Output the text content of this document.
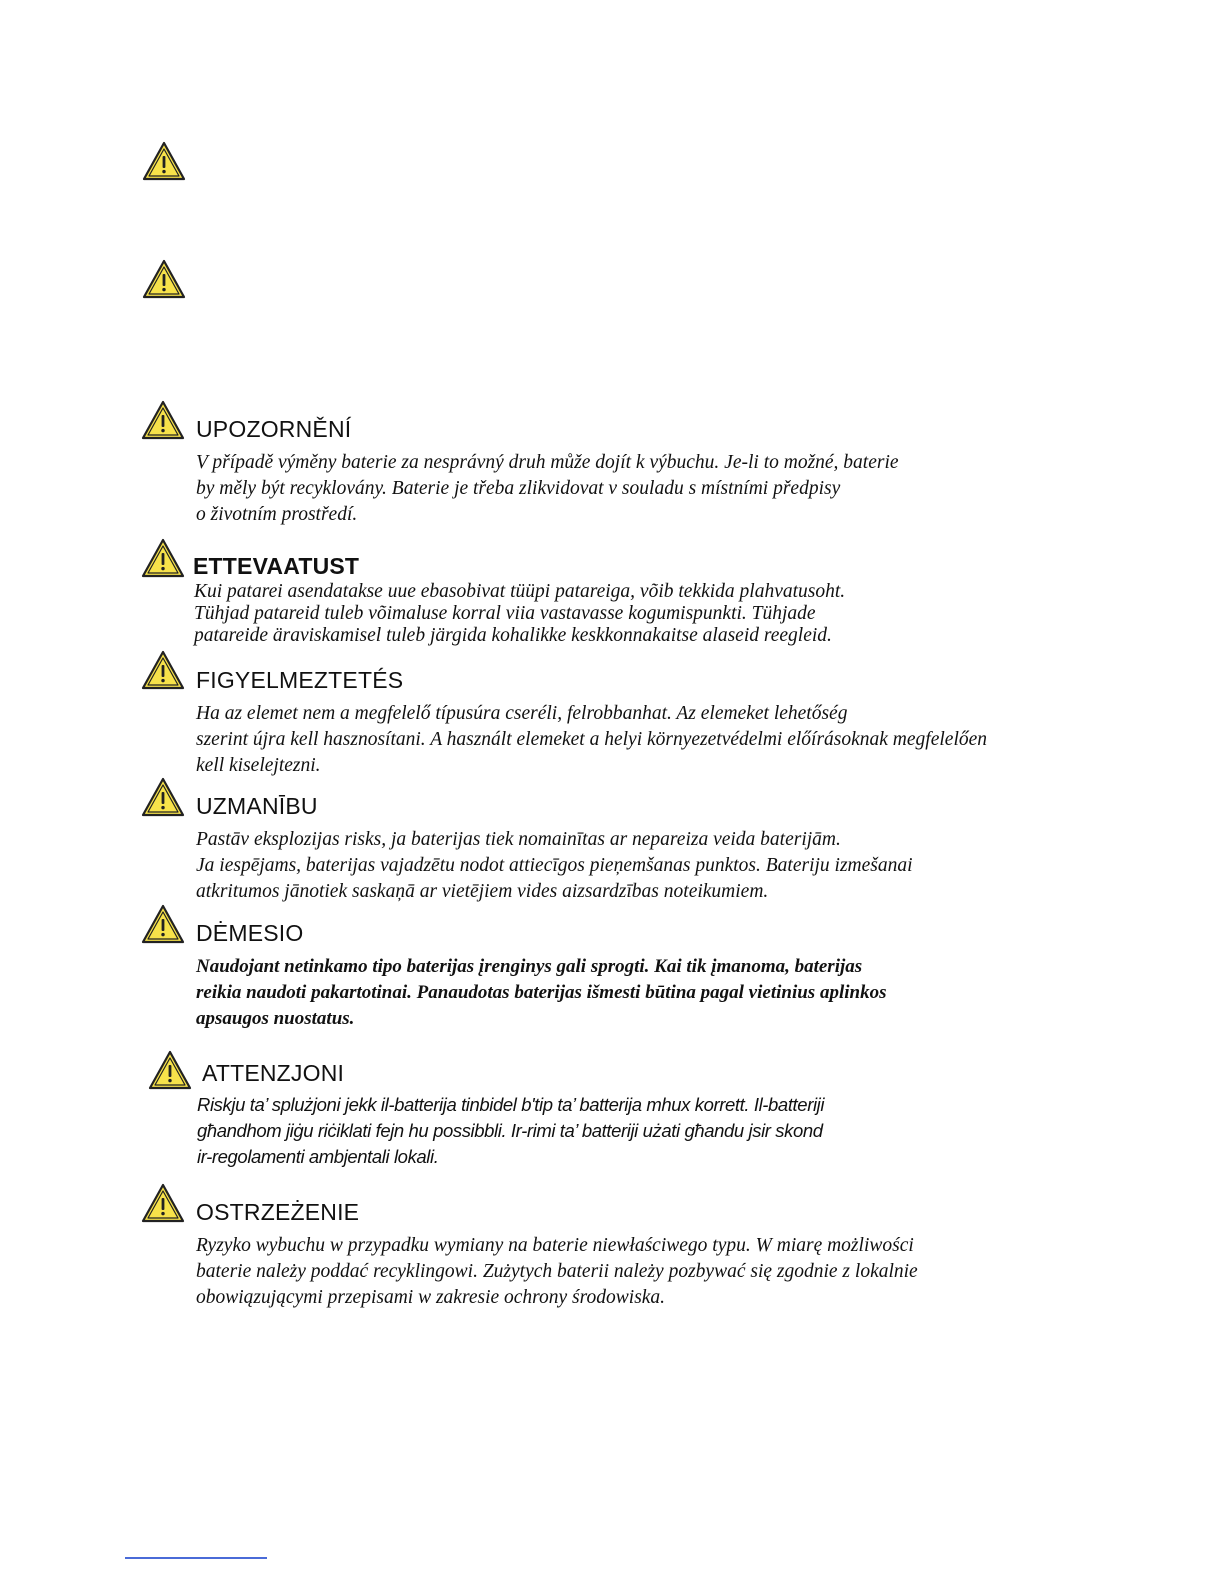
UPOZORNĚNÍ
V případě výměny baterie za nesprávný druh může dojít k výbuchu. Je-li to možné, baterie
by měly být recyklovány. Baterie je třeba zlikvidovat v souladu s místními předpisy
o životním prostředí.
ETTEVAATUST
Kui patarei asendatakse uue ebasobivat tüüpi patareiga, võib tekkida plahvatusoht.
Tühjad patareid tuleb võimaluse korral viia vastavasse kogumispunkti. Tühjade
patareide äraviskamisel tuleb järgida kohalikke keskkonnakaitse alaseid reegleid.
FIGYELMEZTETÉS
Ha az elemet nem a megfelelő típusúra cseréli, felrobbanhat. Az elemeket lehetőség
szerint újra kell hasznosítani. A használt elemeket a helyi környezetvédelmi előírásoknak megfelelően
kell kiselejtezni.
UZMANĪBU
Pastāv eksplozijas risks, ja baterijas tiek nomainītas ar nepareiza veida baterijām.
Ja iespējams, baterijas vajadzētu nodot attiecīgos pieņemšanas punktos. Bateriju izmešanai
atkritumos jānotiek saskaņā ar vietējiem vides aizsardzības noteikumiem.
DĖMESIO
Naudojant netinkamo tipo baterijas įrenginys gali sprogti. Kai tik įmanoma, baterijas
reikia naudoti pakartotinai. Panaudotas baterijas išmesti būtina pagal vietinius aplinkos
apsaugos nuostatus.
ATTENZJONI
Riskju ta’ splużjoni jekk il-batterija tinbidel b'tip ta’ batterija mhux korrett. Il-batteriji
għandhom jiġu riċiklati fejn hu possibbli. Ir-rimi ta’ batteriji użati għandu jsir skond
ir-regolamenti ambjentali lokali.
OSTRZEŻENIE
Ryzyko wybuchu w przypadku wymiany na baterie niewłaściwego typu. W miarę możliwości
baterie należy poddać recyklingowi. Zużytych baterii należy pozbywać się zgodnie z lokalnie
obowiązującymi przepisami w zakresie ochrony środowiska.
